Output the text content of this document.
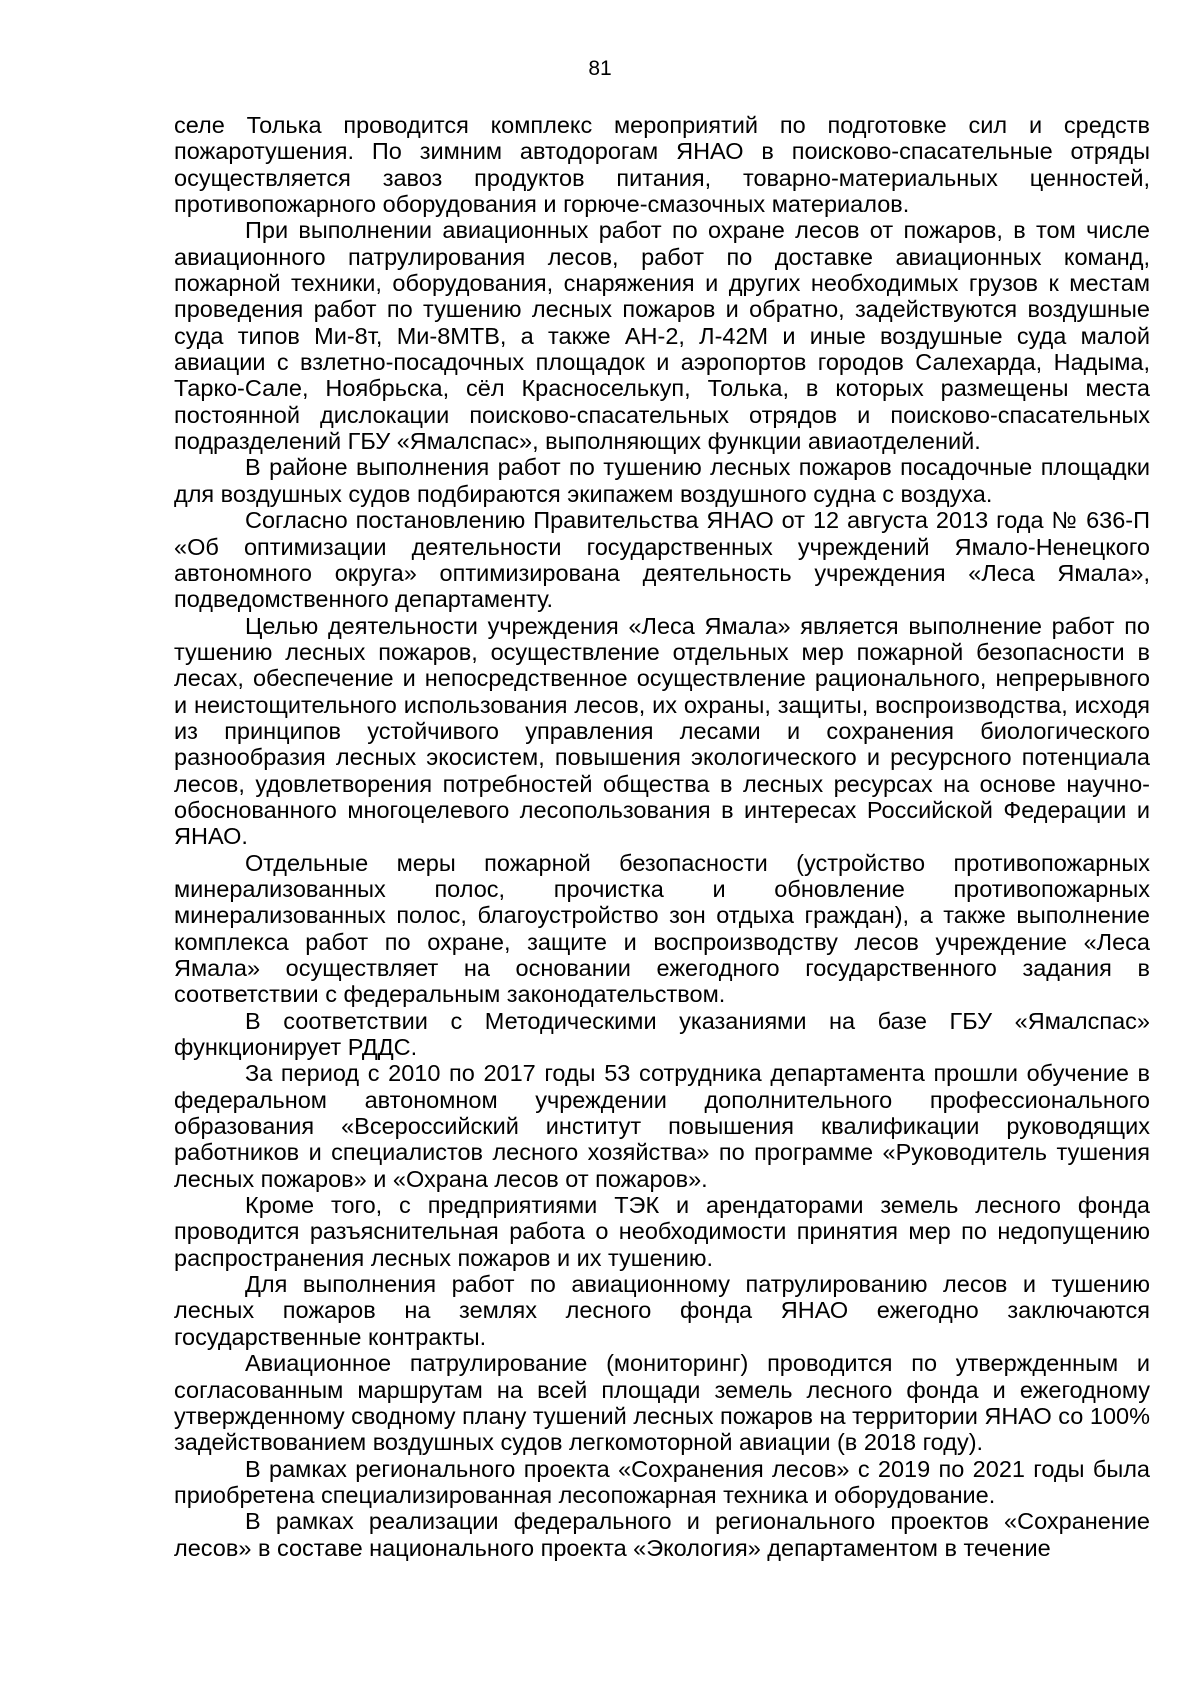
81

селе Толька проводится комплекс мероприятий по подготовке сил и средств пожаротушения. По зимним автодорогам ЯНАО в поисково-спасательные отряды осуществляется завоз продуктов питания, товарно-материальных ценностей, противопожарного оборудования и горюче-смазочных материалов.

При выполнении авиационных работ по охране лесов от пожаров, в том числе авиационного патрулирования лесов, работ по доставке авиационных команд, пожарной техники, оборудования, снаряжения и других необходимых грузов к местам проведения работ по тушению лесных пожаров и обратно, задействуются воздушные суда типов Ми-8т, Ми-8МТВ, а также АН-2, Л-42М и иные воздушные суда малой авиации с взлетно-посадочных площадок и аэропортов городов Салехарда, Надыма, Тарко-Сале, Ноябрьска, сёл Красноселькуп, Толька, в которых размещены места постоянной дислокации поисково-спасательных отрядов и поисково-спасательных подразделений ГБУ «Ямалспас», выполняющих функции авиаотделений.

В районе выполнения работ по тушению лесных пожаров посадочные площадки для воздушных судов подбираются экипажем воздушного судна с воздуха.

Согласно постановлению Правительства ЯНАО от 12 августа 2013 года № 636-П «Об оптимизации деятельности государственных учреждений Ямало-Ненецкого автономного округа» оптимизирована деятельность учреждения «Леса Ямала», подведомственного департаменту.

Целью деятельности учреждения «Леса Ямала» является выполнение работ по тушению лесных пожаров, осуществление отдельных мер пожарной безопасности в лесах, обеспечение и непосредственное осуществление рационального, непрерывного и неистощительного использования лесов, их охраны, защиты, воспроизводства, исходя из принципов устойчивого управления лесами и сохранения биологического разнообразия лесных экосистем, повышения экологического и ресурсного потенциала лесов, удовлетворения потребностей общества в лесных ресурсах на основе научно-обоснованного многоцелевого лесопользования в интересах Российской Федерации и ЯНАО.

Отдельные меры пожарной безопасности (устройство противопожарных минерализованных полос, прочистка и обновление противопожарных минерализованных полос, благоустройство зон отдыха граждан), а также выполнение комплекса работ по охране, защите и воспроизводству лесов учреждение «Леса Ямала» осуществляет на основании ежегодного государственного задания в соответствии с федеральным законодательством.

В соответствии с Методическими указаниями на базе ГБУ «Ямалспас» функционирует РДДС.

За период с 2010 по 2017 годы 53 сотрудника департамента прошли обучение в федеральном автономном учреждении дополнительного профессионального образования «Всероссийский институт повышения квалификации руководящих работников и специалистов лесного хозяйства» по программе «Руководитель тушения лесных пожаров» и «Охрана лесов от пожаров».

Кроме того, с предприятиями ТЭК и арендаторами земель лесного фонда проводится разъяснительная работа о необходимости принятия мер по недопущению распространения лесных пожаров и их тушению.

Для выполнения работ по авиационному патрулированию лесов и тушению лесных пожаров на землях лесного фонда ЯНАО ежегодно заключаются государственные контракты.

Авиационное патрулирование (мониторинг) проводится по утвержденным и согласованным маршрутам на всей площади земель лесного фонда и ежегодному утвержденному сводному плану тушений лесных пожаров на территории ЯНАО со 100% задействованием воздушных судов легкомоторной авиации (в 2018 году).

В рамках регионального проекта «Сохранения лесов» с 2019 по 2021 годы была приобретена специализированная лесопожарная техника и оборудование.

В рамках реализации федерального и регионального проектов «Сохранение лесов» в составе национального проекта «Экология» департаментом в течение
